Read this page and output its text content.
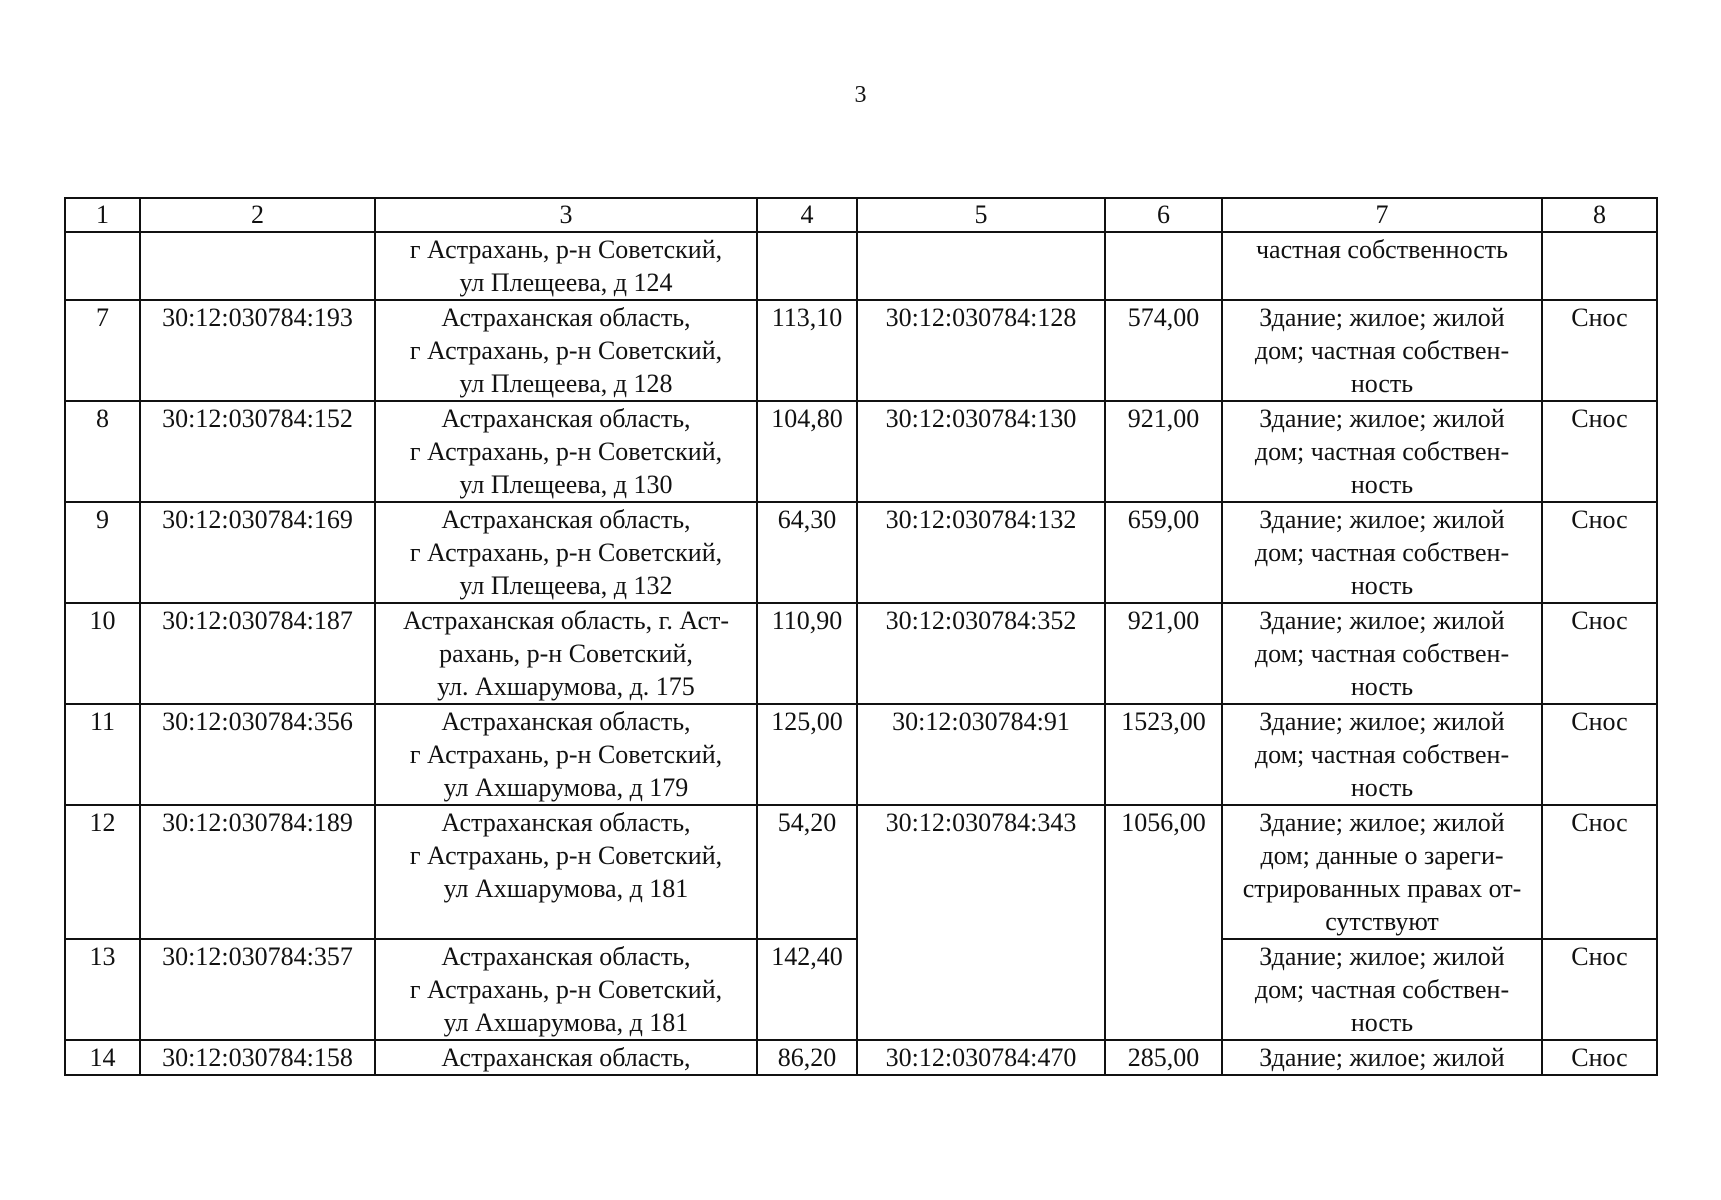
3
1	2	3	4	5	6	7	8

		г Астрахань, р-н Советский,
ул Плещеева, д 124				частная собственность	

7	30:12:030784:193	Астраханская область,
г Астрахань, р-н Советский,
ул Плещеева, д 128	113,10	30:12:030784:128	574,00	Здание; жилое; жилой
дом; частная собствен-
ность	Снос
8	30:12:030784:152	Астраханская область,
г Астрахань, р-н Советский,
ул Плещеева, д 130	104,80	30:12:030784:130	921,00	Здание; жилое; жилой
дом; частная собствен-
ность	Снос
9	30:12:030784:169	Астраханская область,
г Астрахань, р-н Советский,
ул Плещеева, д 132	64,30	30:12:030784:132	659,00	Здание; жилое; жилой
дом; частная собствен-
ность	Снос
10	30:12:030784:187	Астраханская область, г. Аст-
рахань, р-н Советский,
ул. Ахшарумова, д. 175	110,90	30:12:030784:352	921,00	Здание; жилое; жилой
дом; частная собствен-
ность	Снос
11	30:12:030784:356	Астраханская область,
г Астрахань, р-н Советский,
ул Ахшарумова, д 179	125,00	30:12:030784:91	1523,00	Здание; жилое; жилой
дом; частная собствен-
ность	Снос
12	30:12:030784:189	Астраханская область,
г Астрахань, р-н Советский,
ул Ахшарумова, д 181	54,20	30:12:030784:343	1056,00	Здание; жилое; жилой
дом; данные о зареги-
стрированных правах от-
сутствуют	Снос
13	30:12:030784:357	Астраханская область,
г Астрахань, р-н Советский,
ул Ахшарумова, д 181	142,40			Здание; жилое; жилой
дом; частная собствен-
ность	Снос
14	30:12:030784:158	Астраханская область,	86,20	30:12:030784:470	285,00	Здание; жилое; жилой	Снос
